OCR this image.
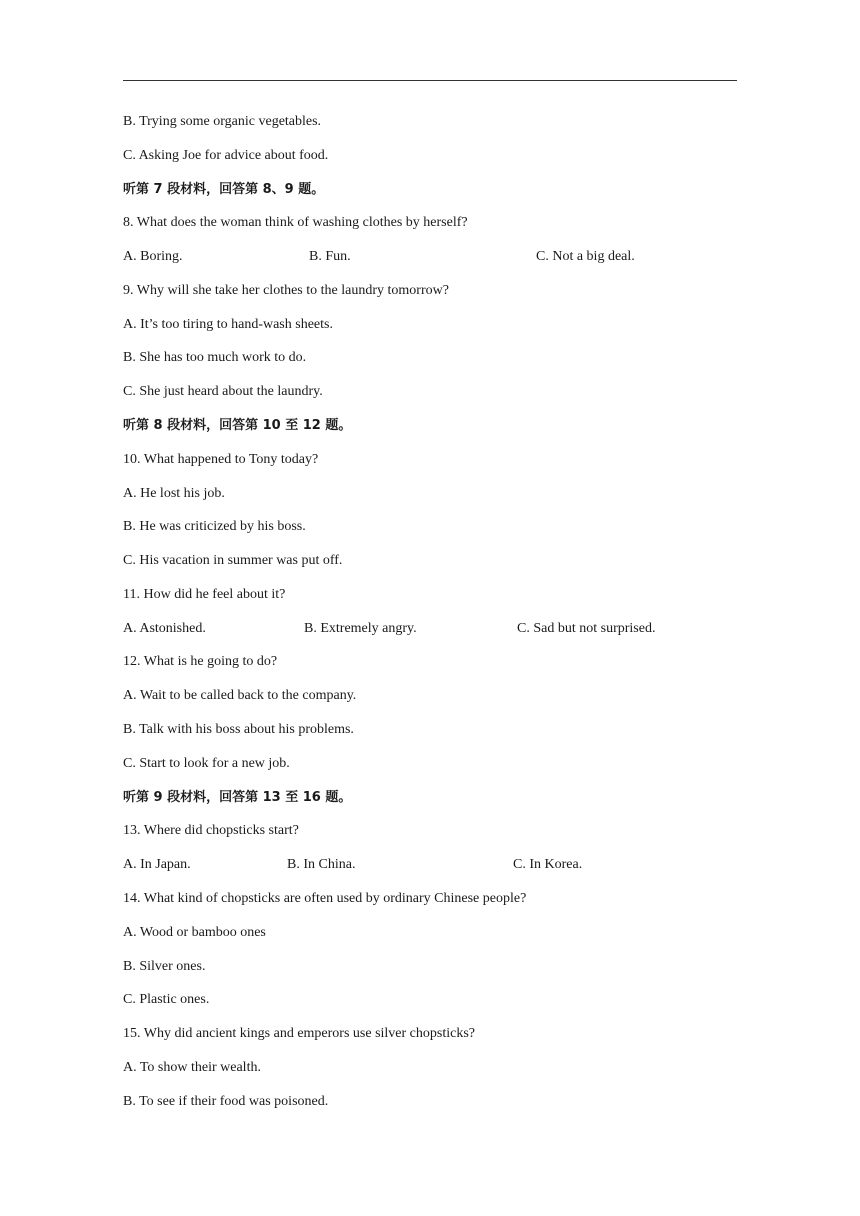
B. Trying some organic vegetables.
C. Asking Joe for advice about food.
听第 7 段材料，回答第 8、9 题。
8. What does the woman think of washing clothes by herself?
A. Boring.	B. Fun.	C. Not a big deal.
9. Why will she take her clothes to the laundry tomorrow?
A. It’s too tiring to hand-wash sheets.
B. She has too much work to do.
C. She just heard about the laundry.
听第 8 段材料，回答第 10 至 12 题。
10. What happened to Tony today?
A. He lost his job.
B. He was criticized by his boss.
C. His vacation in summer was put off.
11. How did he feel about it?
A. Astonished.	B. Extremely angry.	C. Sad but not surprised.
12. What is he going to do?
A. Wait to be called back to the company.
B. Talk with his boss about his problems.
C. Start to look for a new job.
听第 9 段材料，回答第 13 至 16 题。
13. Where did chopsticks start?
A. In Japan.	B. In China.	C. In Korea.
14. What kind of chopsticks are often used by ordinary Chinese people?
A. Wood or bamboo ones
B. Silver ones.
C. Plastic ones.
15. Why did ancient kings and emperors use silver chopsticks?
A. To show their wealth.
B. To see if their food was poisoned.
